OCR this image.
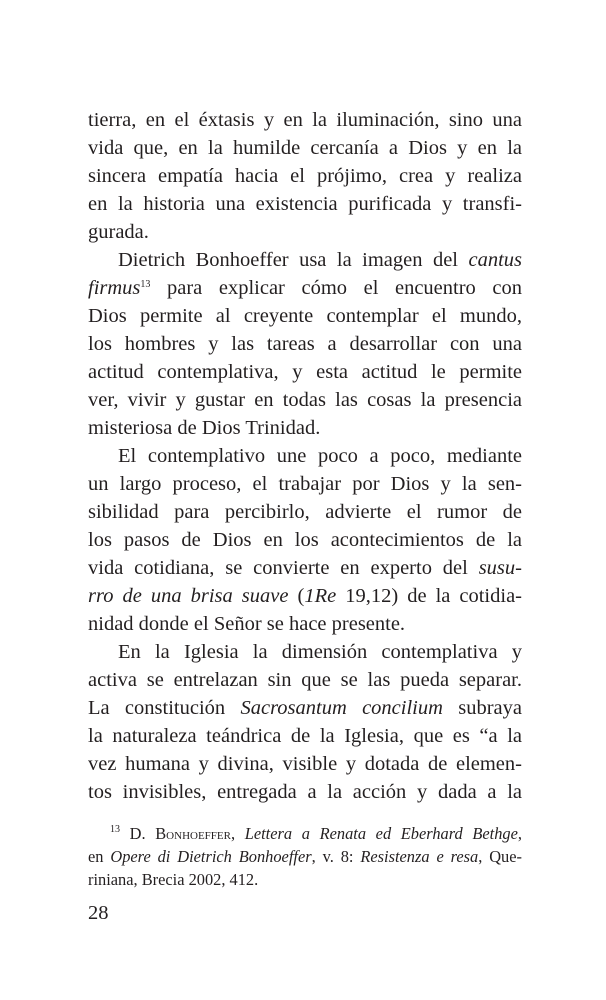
tierra, en el éxtasis y en la iluminación, sino una
vida que, en la humilde cercanía a Dios y en la
sincera empatía hacia el prójimo, crea y realiza
en la historia una existencia purificada y transfi-
gurada.
Dietrich Bonhoeffer usa la imagen del cantus
firmus$^{13}$ para explicar cómo el encuentro con
Dios permite al creyente contemplar el mundo,
los hombres y las tareas a desarrollar con una
actitud contemplativa, y esta actitud le permite
ver, vivir y gustar en todas las cosas la presencia
misteriosa de Dios Trinidad.
El contemplativo une poco a poco, mediante
un largo proceso, el trabajar por Dios y la sen-
sibilidad para percibirlo, advierte el rumor de
los pasos de Dios en los acontecimientos de la
vida cotidiana, se convierte en experto del susu-
rro de una brisa suave (1Re 19,12) de la cotidia-
nidad donde el Señor se hace presente.
En la Iglesia la dimensión contemplativa y
activa se entrelazan sin que se las pueda separar.
La constitución Sacrosantum concilium subraya
la naturaleza teándrica de la Iglesia, que es “a la
vez humana y divina, visible y dotada de elemen-
tos invisibles, entregada a la acción y dada a la
$^{13}$ D. Bonhoeffer, Lettera a Renata ed Eberhard Bethge,
en Opere di Dietrich Bonhoeffer, v. 8: Resistenza e resa, Que-
riniana, Brecia 2002, 412.
28
